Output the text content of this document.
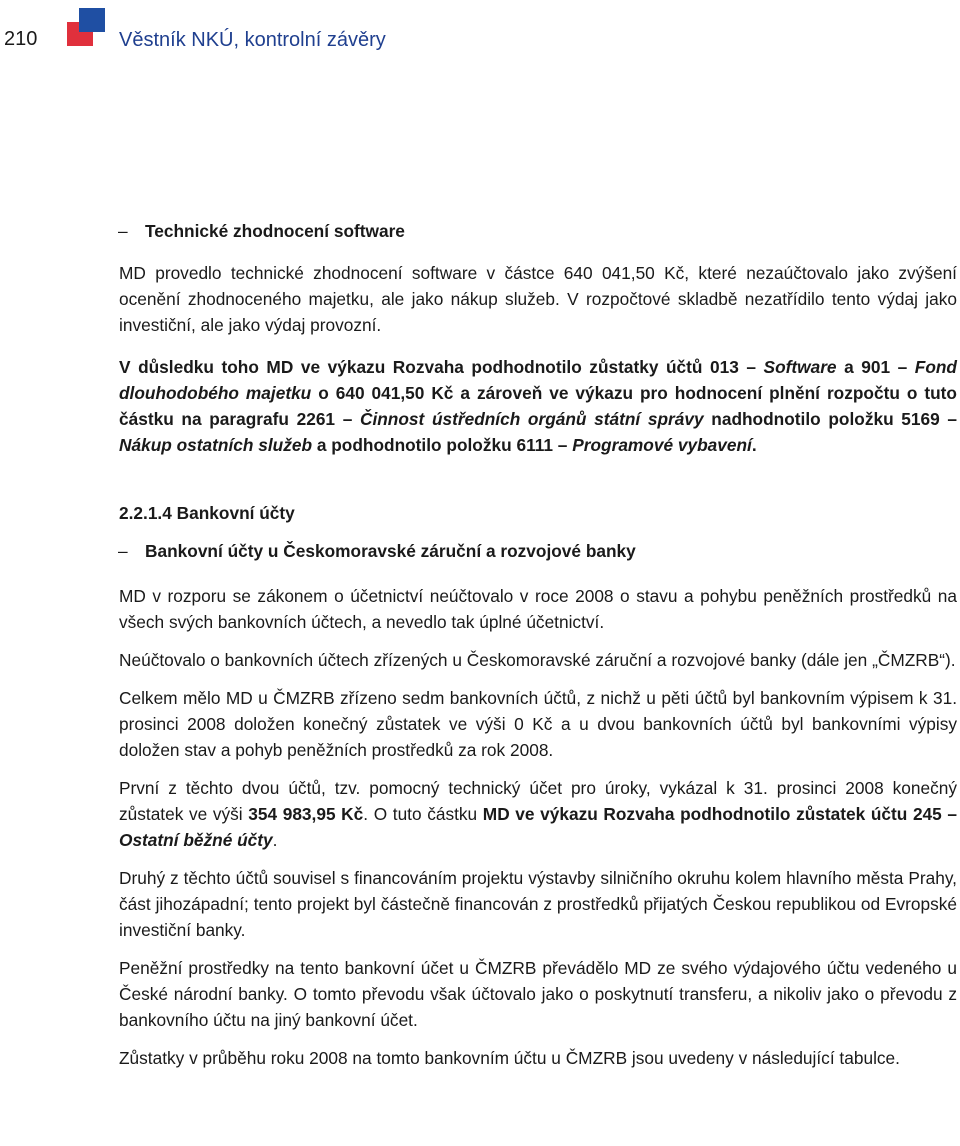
210	Věstník NKÚ, kontrolní závěry

–	Technické zhodnocení software

MD provedlo technické zhodnocení software v částce 640 041,50 Kč, které nezaúčtovalo jako zvýšení ocenění zhodnoceného majetku, ale jako nákup služeb. V rozpočtové skladbě nezatřídilo tento výdaj jako investiční, ale jako výdaj provozní.

V důsledku toho MD ve výkazu Rozvaha podhodnotilo zůstatky účtů 013 – Software a 901 – Fond dlouhodobého majetku o 640 041,50 Kč a zároveň ve výkazu pro hodnocení plnění rozpočtu o tuto částku na paragrafu 2261 – Činnost ústředních orgánů státní správy nadhodnotilo položku 5169 – Nákup ostatních služeb a podhodnotilo položku 6111 – Programové vybavení.

2.2.1.4 Bankovní účty

–	Bankovní účty u Českomoravské záruční a rozvojové banky

MD v rozporu se zákonem o účetnictví neúčtovalo v roce 2008 o stavu a pohybu peněžních prostředků na všech svých bankovních účtech, a nevedlo tak úplné účetnictví.

Neúčtovalo o bankovních účtech zřízených u Českomoravské záruční a rozvojové banky (dále jen „ČMZRB“).

Celkem mělo MD u ČMZRB zřízeno sedm bankovních účtů, z nichž u pěti účtů byl bankovním výpisem k 31. prosinci 2008 doložen konečný zůstatek ve výši 0 Kč a u dvou bankovních účtů byl bankovními výpisy doložen stav a pohyb peněžních prostředků za rok 2008.

První z těchto dvou účtů, tzv. pomocný technický účet pro úroky, vykázal k 31. prosinci 2008 konečný zůstatek ve výši 354 983,95 Kč. O tuto částku MD ve výkazu Rozvaha podhodnotilo zůstatek účtu 245 – Ostatní běžné účty.

Druhý z těchto účtů souvisel s financováním projektu výstavby silničního okruhu kolem hlavního města Prahy, část jihozápadní; tento projekt byl částečně financován z prostředků přijatých Českou republikou od Evropské investiční banky.

Peněžní prostředky na tento bankovní účet u ČMZRB převádělo MD ze svého výdajového účtu vedeného u České národní banky. O tomto převodu však účtovalo jako o poskytnutí transferu, a nikoliv jako o převodu z bankovního účtu na jiný bankovní účet.

Zůstatky v průběhu roku 2008 na tomto bankovním účtu u ČMZRB jsou uvedeny v následující tabulce.
